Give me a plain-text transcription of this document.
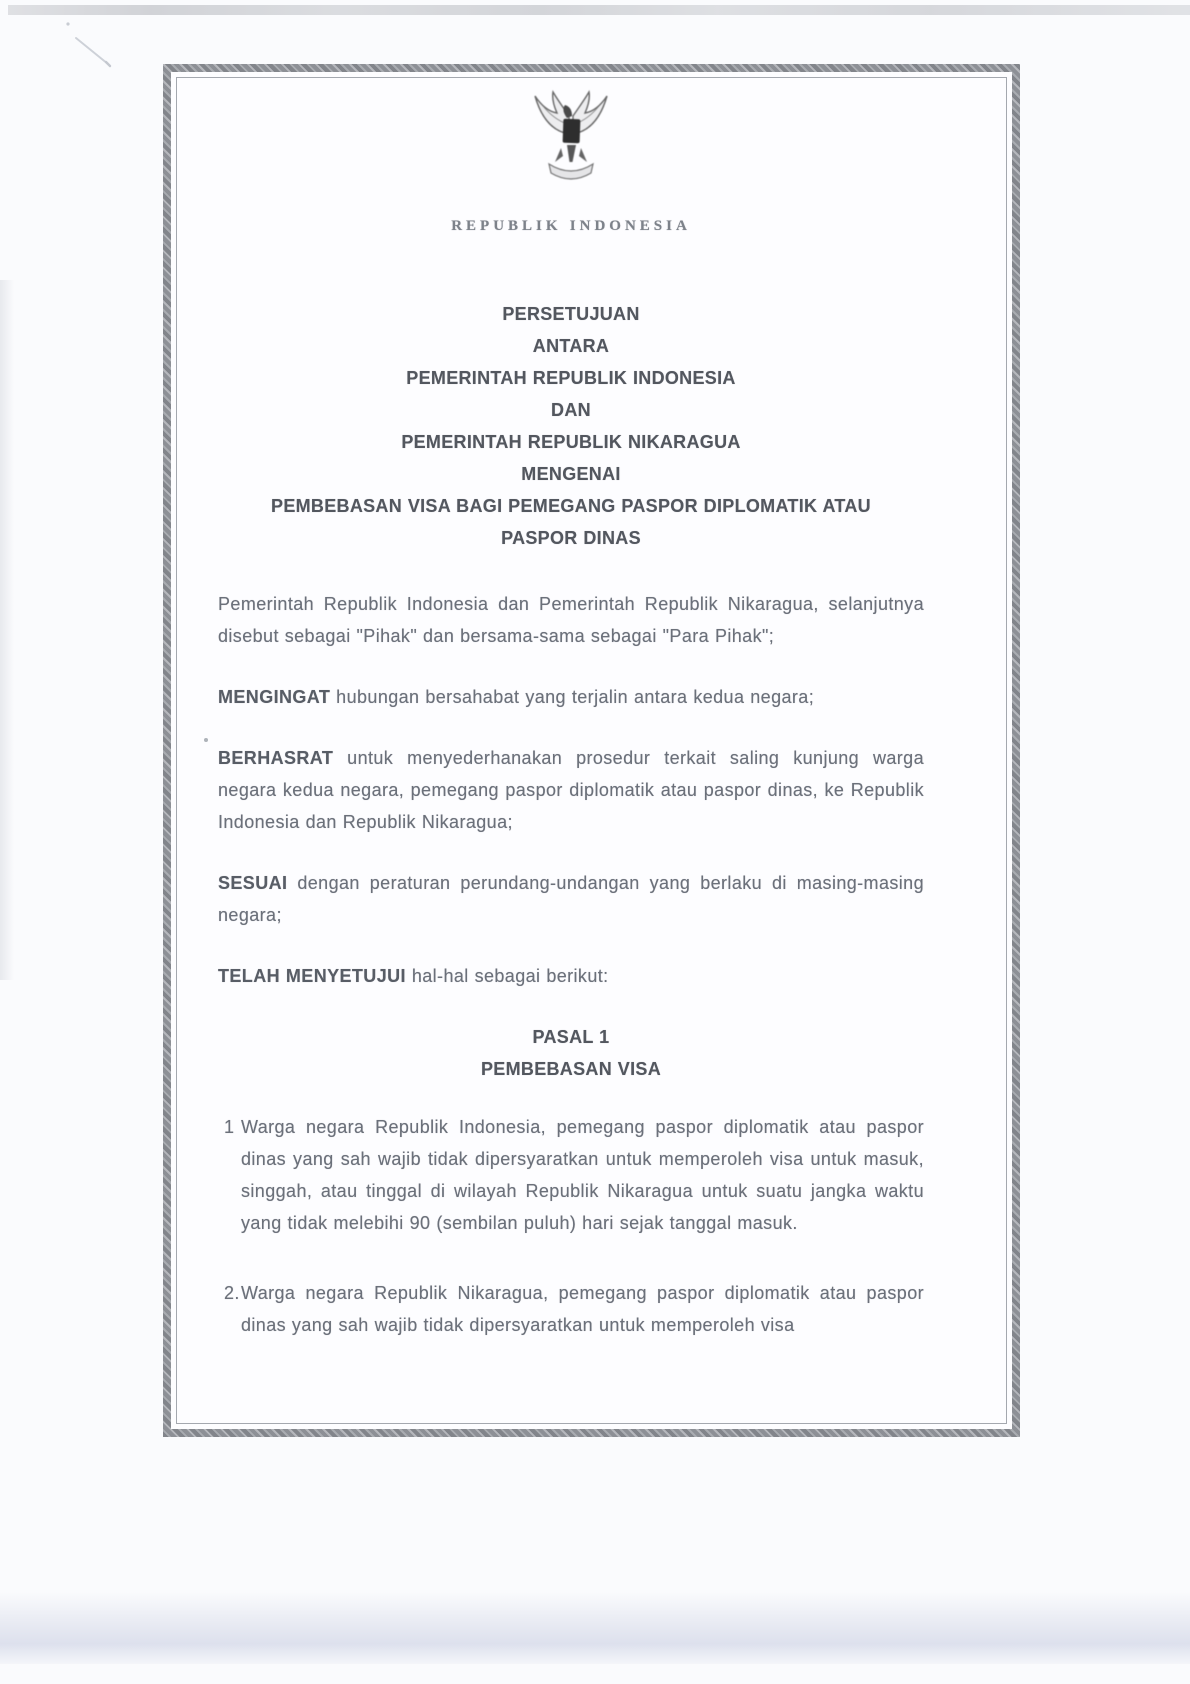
REPUBLIK INDONESIA
PERSETUJUAN
ANTARA
PEMERINTAH REPUBLIK INDONESIA
DAN
PEMERINTAH REPUBLIK NIKARAGUA
MENGENAI
PEMBEBASAN VISA BAGI PEMEGANG PASPOR DIPLOMATIK ATAU
PASPOR DINAS

Pemerintah Republik Indonesia dan Pemerintah Republik Nikaragua, selanjutnya disebut sebagai "Pihak" dan bersama-sama sebagai "Para Pihak";

MENGINGAT hubungan bersahabat yang terjalin antara kedua negara;

BERHASRAT untuk menyederhanakan prosedur terkait saling kunjung warga negara kedua negara, pemegang paspor diplomatik atau paspor dinas, ke Republik Indonesia dan Republik Nikaragua;

SESUAI dengan peraturan perundang-undangan yang berlaku di masing-masing negara;

TELAH MENYETUJUI hal-hal sebagai berikut:

PASAL 1
PEMBEBASAN VISA
1 Warga negara Republik Indonesia, pemegang paspor diplomatik atau paspor dinas yang sah wajib tidak dipersyaratkan untuk memperoleh visa untuk masuk, singgah, atau tinggal di wilayah Republik Nikaragua untuk suatu jangka waktu yang tidak melebihi 90 (sembilan puluh) hari sejak tanggal masuk.
2. Warga negara Republik Nikaragua, pemegang paspor diplomatik atau paspor dinas yang sah wajib tidak dipersyaratkan untuk memperoleh visa
